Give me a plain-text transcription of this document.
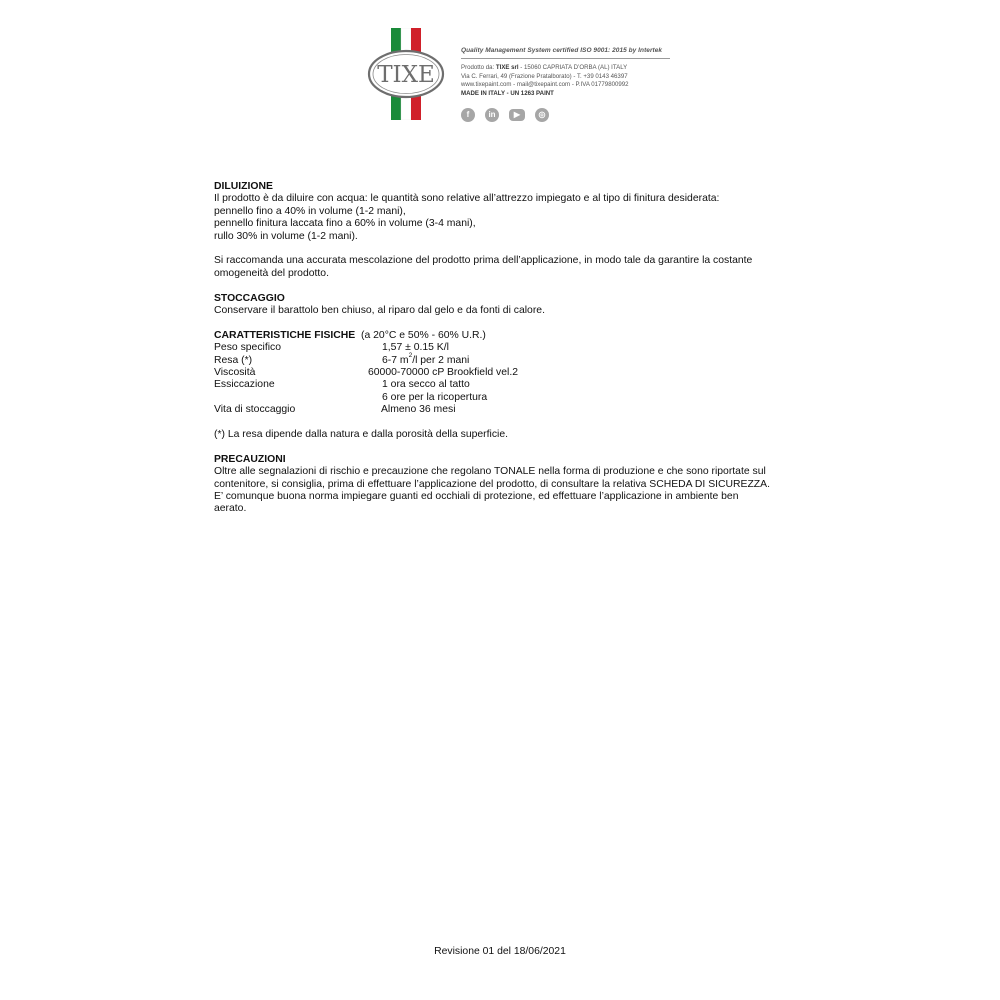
TIXE
Quality Management System certified ISO 9001: 2015 by Intertek
Prodotto da: TIXE srl - 15060 CAPRIATA D’ORBA (AL) ITALY
Via C. Ferrari, 49 (Frazione Pratalborato) - T. +39 0143 46397
www.tixepaint.com - mail@tixepaint.com - P.IVA 01779800992
MADE IN ITALY - UN 1263 PAINT
f	in	▶	◎

DILUIZIONE

Il prodotto è da diluire con acqua: le quantità sono relative all’attrezzo impiegato e al tipo di finitura desiderata:

pennello fino a 40% in volume (1-2 mani),

pennello finitura laccata fino a 60% in volume (3-4 mani),

rullo 30% in volume (1-2 mani).

Si raccomanda una accurata mescolazione del prodotto prima dell’applicazione, in modo tale da garantire la costante

omogeneità del prodotto.

STOCCAGGIO

Conservare il barattolo ben chiuso, al riparo dal gelo e da fonti di calore.

CARATTERISTICHE FISICHE  (a 20°C e 50% - 60% U.R.)

Peso specifico	1,57 ± 0.15 K/l
Resa (*)	6-7 $m^2/l$ per 2 mani
Viscosità	60000-70000 cP Brookfield vel.2
Essiccazione	1 ora secco al tatto
6 ore per la ricopertura
Vita di stoccaggio	Almeno 36 mesi

(*) La resa dipende dalla natura e dalla porosità della superficie.

PRECAUZIONI

Oltre alle segnalazioni di rischio e precauzione che regolano TONALE nella forma di produzione e che sono riportate sul

contenitore, si consiglia, prima di effettuare l’applicazione del prodotto, di consultare la relativa SCHEDA DI SICUREZZA.

E’ comunque buona norma impiegare guanti ed occhiali di protezione, ed effettuare l’applicazione in ambiente ben

aerato.

Revisione 01 del 18/06/2021
